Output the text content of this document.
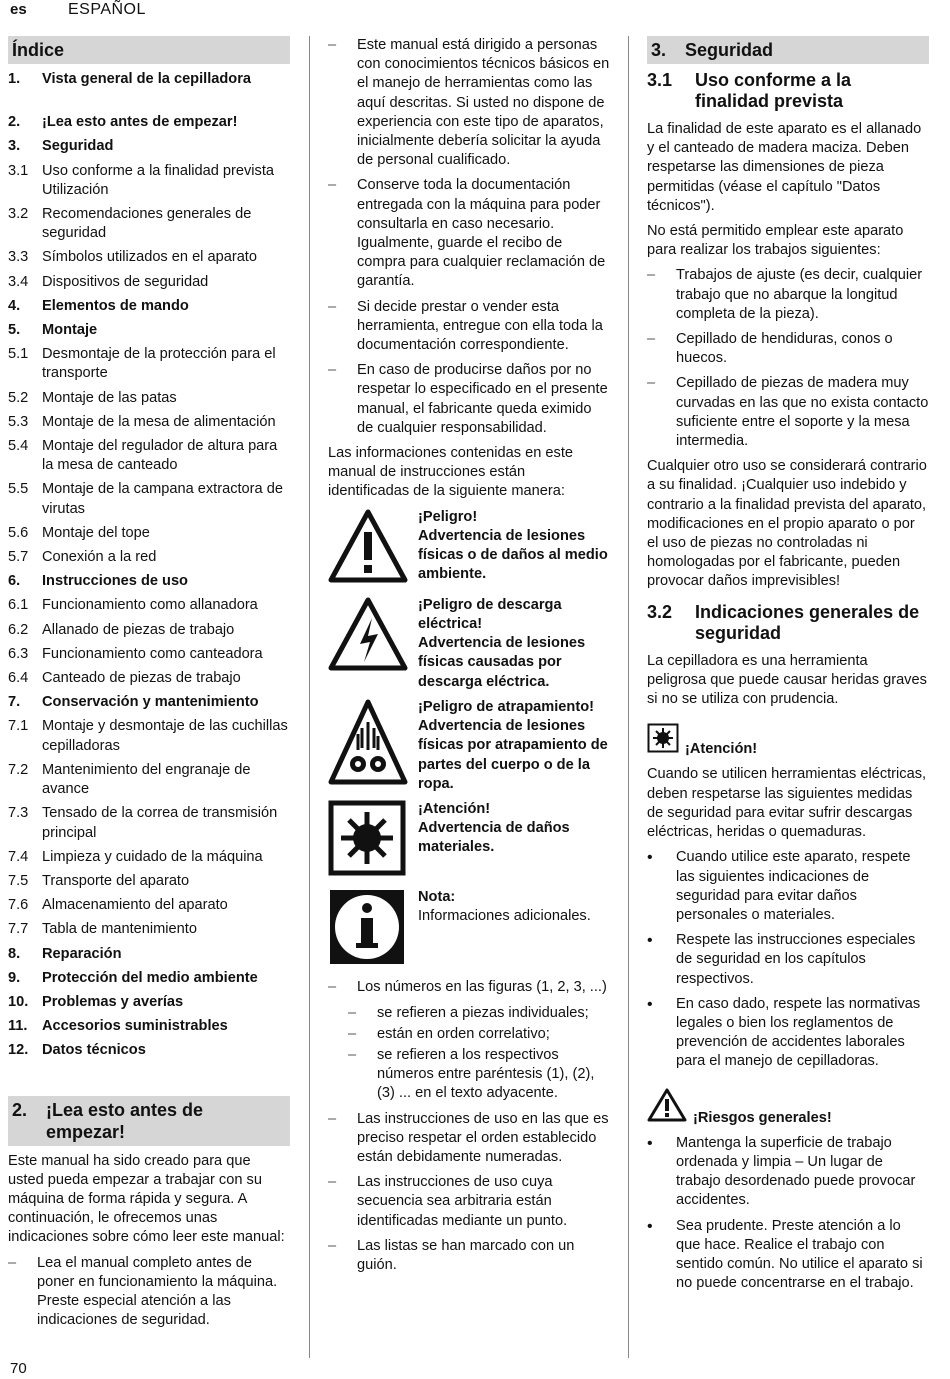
es	ESPAÑOL
Índice
1.	Vista general de la cepilladora
2.	¡Lea esto antes de empezar!
3.	Seguridad
3.1 Uso conforme a la finalidad prevista Utilización
3.2 Recomendaciones generales de seguridad
3.3 Símbolos utilizados en el aparato
3.4 Dispositivos de seguridad
4.	Elementos de mando
5.	Montaje
5.1 Desmontaje de la protección para el transporte
5.2 Montaje de las patas
5.3 Montaje de la mesa de alimentación
5.4 Montaje del regulador de altura para la mesa de canteado
5.5 Montaje de la campana extractora de virutas
5.6 Montaje del tope
5.7 Conexión a la red
6.	Instrucciones de uso
6.1 Funcionamiento como allanadora
6.2 Allanado de piezas de trabajo
6.3 Funcionamiento como canteadora
6.4 Canteado de piezas de trabajo
7.	Conservación y mantenimiento
7.1 Montaje y desmontaje de las cuchillas cepilladoras
7.2 Mantenimiento del engranaje de avance
7.3 Tensado de la correa de transmisión principal
7.4 Limpieza y cuidado de la máquina
7.5 Transporte del aparato
7.6 Almacenamiento del aparato
7.7 Tabla de mantenimiento
8.	Reparación
9.	Protección del medio ambiente
10. Problemas y averías
11. Accesorios suministrables
12. Datos técnicos
2.	¡Lea esto antes de empezar!

Este manual ha sido creado para que usted pueda empezar a trabajar con su máquina de forma rápida y segura. A continuación, le ofrecemos unas indicaciones sobre cómo leer este manual:

–	Lea el manual completo antes de poner en funcionamiento la máquina. Preste especial atención a las indicaciones de seguridad.
–	Este manual está dirigido a personas con conocimientos técnicos básicos en el manejo de herramientas como las aquí descritas. Si usted no dispone de experiencia con este tipo de aparatos, inicialmente debería solicitar la ayuda de personal cualificado.
–	Conserve toda la documentación entregada con la máquina para poder consultarla en caso necesario. Igualmente, guarde el recibo de compra para cualquier reclamación de garantía.
–	Si decide prestar o vender esta herramienta, entregue con ella toda la documentación correspondiente.
–	En caso de producirse daños por no respetar lo especificado en el presente manual, el fabricante queda eximido de cualquier responsabilidad.

Las informaciones contenidas en este manual de instrucciones están identificadas de la siguiente manera:

¡Peligro!
Advertencia de lesiones físicas o de daños al medio ambiente.
¡Peligro de descarga eléctrica!
Advertencia de lesiones físicas causadas por descarga eléctrica.
¡Peligro de atrapamiento!
Advertencia de lesiones físicas por atrapamiento de partes del cuerpo o de la ropa.
¡Atención!
Advertencia de daños materiales.
Nota:
Informaciones adicionales.
–	Los números en las figuras (1, 2, 3, ...)
–	se refieren a piezas individuales;
–	están en orden correlativo;
–	se refieren a los respectivos números entre paréntesis (1), (2), (3) ... en el texto adyacente.
–	Las instrucciones de uso en las que es preciso respetar el orden establecido están debidamente numeradas.
–	Las instrucciones de uso cuya secuencia sea arbitraria están identificadas mediante un punto.
–	Las listas se han marcado con un guión.
3.	Seguridad
3.1	Uso conforme a la finalidad prevista

La finalidad de este aparato es el allanado y el canteado de madera maciza. Deben respetarse las dimensiones de pieza permitidas (véase el capítulo "Datos técnicos").

No está permitido emplear este aparato para realizar los trabajos siguientes:

–	Trabajos de ajuste (es decir, cualquier trabajo que no abarque la longitud completa de la pieza).
–	Cepillado de hendiduras, conos o huecos.
–	Cepillado de piezas de madera muy curvadas en las que no exista contacto suficiente entre el soporte y la mesa intermedia.

Cualquier otro uso se considerará contrario a su finalidad. ¡Cualquier uso indebido y contrario a la finalidad prevista del aparato, modificaciones en el propio aparato o por el uso de piezas no controladas ni homologadas por el fabricante, pueden provocar daños imprevisibles!

3.2	Indicaciones generales de seguridad

La cepilladora es una herramienta peligrosa que puede causar heridas graves si no se utiliza con prudencia.

¡Atención!

Cuando se utilicen herramientas eléctricas, deben respetarse las siguientes medidas de seguridad para evitar sufrir descargas eléctricas, heridas o quemaduras.

•	Cuando utilice este aparato, respete las siguientes indicaciones de seguridad para evitar daños personales o materiales.
•	Respete las instrucciones especiales de seguridad en los capítulos respectivos.
•	En caso dado, respete las normativas legales o bien los reglamentos de prevención de accidentes laborales para el manejo de cepilladoras.
¡Riesgos generales!
•	Mantenga la superficie de trabajo ordenada y limpia – Un lugar de trabajo desordenado puede provocar accidentes.
•	Sea prudente. Preste atención a lo que hace. Realice el trabajo con sentido común. No utilice el aparato si no puede concentrarse en el trabajo.
70
